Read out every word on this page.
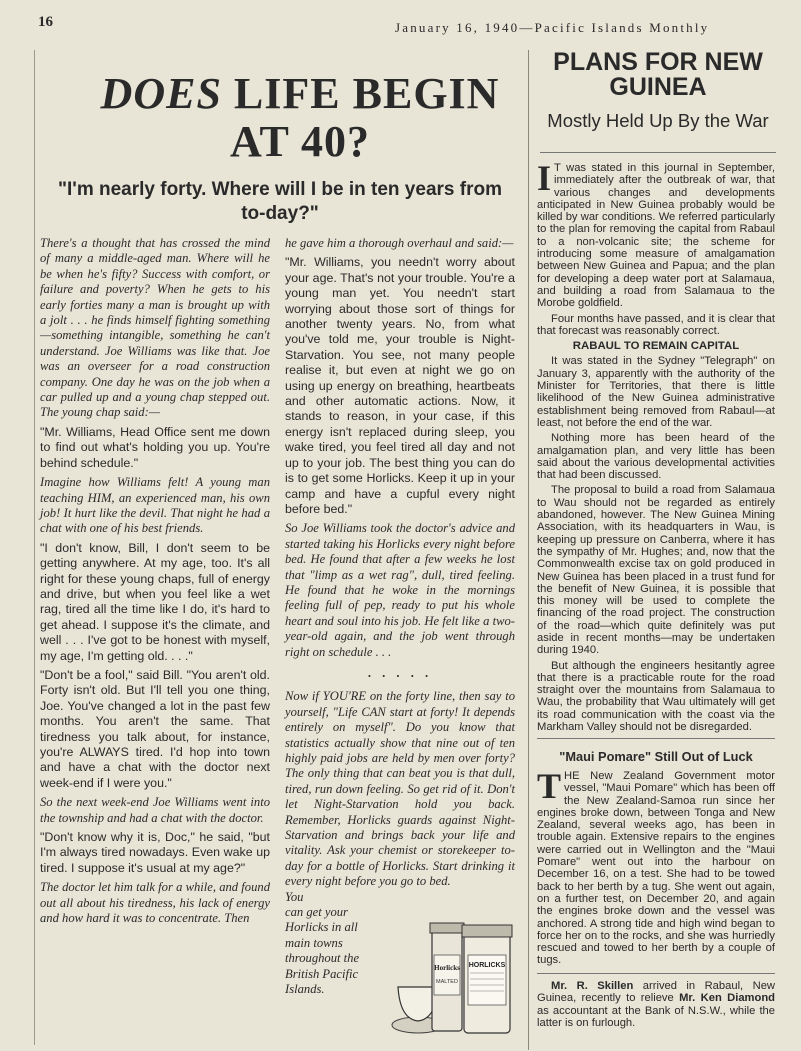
16	January 16, 1940—Pacific Islands Monthly
DOES LIFE BEGIN
AT 40?
"I'm nearly forty. Where will I be in ten years from to-day?"

There's a thought that has crossed the mind of many a middle-aged man. Where will he be when he's fifty? Success with comfort, or failure and poverty? When he gets to his early forties many a man is brought up with a jolt . . . he finds himself fighting something—something intangible, something he can't understand. Joe Williams was like that. Joe was an overseer for a road construction company. One day he was on the job when a car pulled up and a young chap stepped out. The young chap said:—

"Mr. Williams, Head Office sent me down to find out what's holding you up. You're behind schedule."

Imagine how Williams felt! A young man teaching HIM, an experienced man, his own job! It hurt like the devil. That night he had a chat with one of his best friends.

"I don't know, Bill, I don't seem to be getting anywhere. At my age, too. It's all right for these young chaps, full of energy and drive, but when you feel like a wet rag, tired all the time like I do, it's hard to get ahead. I suppose it's the climate, and well . . . I've got to be honest with myself, my age, I'm getting old. . . ."

"Don't be a fool," said Bill. "You aren't old. Forty isn't old. But I'll tell you one thing, Joe. You've changed a lot in the past few months. You aren't the same. That tiredness you talk about, for instance, you're ALWAYS tired. I'd hop into town and have a chat with the doctor next week-end if I were you."

So the next week-end Joe Williams went into the township and had a chat with the doctor.

"Don't know why it is, Doc," he said, "but I'm always tired nowadays. Even wake up tired. I suppose it's usual at my age?"

The doctor let him talk for a while, and found out all about his tiredness, his lack of energy and how hard it was to concentrate. Then

he gave him a thorough overhaul and said:—

"Mr. Williams, you needn't worry about your age. That's not your trouble. You're a young man yet. You needn't start worrying about those sort of things for another twenty years. No, from what you've told me, your trouble is Night-Starvation. You see, not many people realise it, but even at night we go on using up energy on breathing, heartbeats and other automatic actions. Now, it stands to reason, in your case, if this energy isn't replaced during sleep, you wake tired, you feel tired all day and not up to your job. The best thing you can do is to get some Horlicks. Keep it up in your camp and have a cupful every night before bed."

So Joe Williams took the doctor's advice and started taking his Horlicks every night before bed. He found that after a few weeks he lost that "limp as a wet rag", dull, tired feeling. He found that he woke in the mornings feeling full of pep, ready to put his whole heart and soul into his job. He felt like a two-year-old again, and the job went through right on schedule . . .

. . . . .

Now if YOU'RE on the forty line, then say to yourself, "Life CAN start at forty! It depends entirely on myself". Do you know that statistics actually show that nine out of ten highly paid jobs are held by men over forty? The only thing that can beat you is that dull, tired, run down feeling. So get rid of it. Don't let Night-Starvation hold you back. Remember, Horlicks guards against Night-Starvation and brings back your life and vitality. Ask your chemist or storekeeper to-day for a bottle of Horlicks. Start drinking it every night before you go to bed.

You
can get your
Horlicks in all
main towns
throughout the
British Pacific
Islands.
Horlicks
MALTED
HORLICKS
PLANS FOR NEW GUINEA
Mostly Held Up By the War

I T was stated in this journal in September, immediately after the outbreak of war, that various changes and developments anticipated in New Guinea probably would be killed by war conditions. We referred particularly to the plan for removing the capital from Rabaul to a non-volcanic site; the scheme for introducing some measure of amalgamation between New Guinea and Papua; and the plan for developing a deep water port at Salamaua, and building a road from Salamaua to the Morobe goldfield.

Four months have passed, and it is clear that that forecast was reasonably correct.

RABAUL TO REMAIN CAPITAL

It was stated in the Sydney "Telegraph" on January 3, apparently with the authority of the Minister for Territories, that there is little likelihood of the New Guinea administrative establishment being removed from Rabaul—at least, not before the end of the war.

Nothing more has been heard of the amalgamation plan, and very little has been said about the various developmental activities that had been discussed.

The proposal to build a road from Salamaua to Wau should not be regarded as entirely abandoned, however. The New Guinea Mining Association, with its headquarters in Wau, is keeping up pressure on Canberra, where it has the sympathy of Mr. Hughes; and, now that the Commonwealth excise tax on gold produced in New Guinea has been placed in a trust fund for the benefit of New Guinea, it is possible that this money will be used to complete the financing of the road project. The construction of the road—which quite definitely was put aside in recent months—may be undertaken during 1940.

But although the engineers hesitantly agree that there is a practicable route for the road straight over the mountains from Salamaua to Wau, the probability that Wau ultimately will get its road communication with the coast via the Markham Valley should not be disregarded.

"Maui Pomare" Still Out of Luck

THE New Zealand Government motor vessel, "Maui Pomare" which has been off the New Zealand-Samoa run since her engines broke down, between Tonga and New Zealand, several weeks ago, has been in trouble again. Extensive repairs to the engines were carried out in Wellington and the "Maui Pomare" went out into the harbour on December 16, on a test. She had to be towed back to her berth by a tug. She went out again, on a further test, on December 20, and again the engines broke down and the vessel was anchored. A strong tide and high wind began to force her on to the rocks, and she was hurriedly rescued and towed to her berth by a couple of tugs.

Mr. R. Skillen arrived in Rabaul, New Guinea, recently to relieve Mr. Ken Diamond as accountant at the Bank of N.S.W., while the latter is on furlough.
